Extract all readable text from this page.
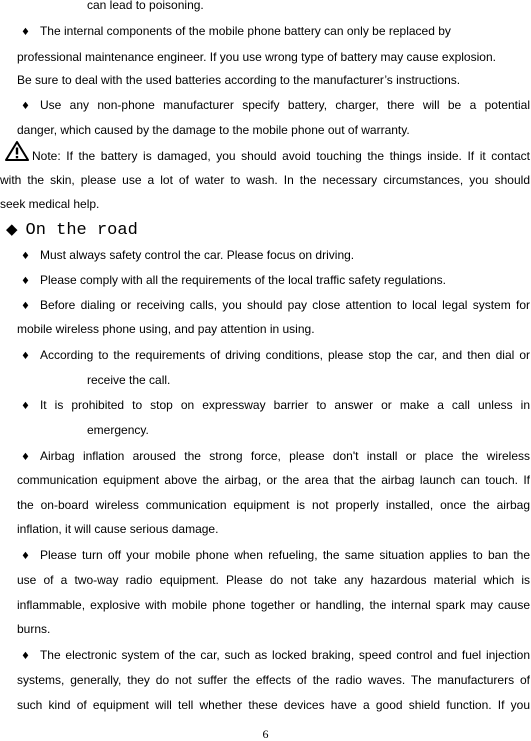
can lead to poisoning.
♦ The internal components of the mobile phone battery can only be replaced by
professional maintenance engineer. If you use wrong type of battery may cause explosion.
Be sure to deal with the used batteries according to the manufacturer’s instructions.
♦ Use any non-phone manufacturer specify battery, charger, there will be a potential
danger, which caused by the damage to the mobile phone out of warranty.
Note: If the battery is damaged, you should avoid touching the things inside. If it contact
with the skin, please use a lot of water to wash. In the necessary circumstances, you should
seek medical help.
◆ On the road
♦ Must always safety control the car. Please focus on driving.
♦ Please comply with all the requirements of the local traffic safety regulations.
♦ Before dialing or receiving calls, you should pay close attention to local legal system for
mobile wireless phone using, and pay attention in using.
♦ According to the requirements of driving conditions, please stop the car, and then dial or
receive the call.
♦ It is prohibited to stop on expressway barrier to answer or make a call unless in
emergency.
♦ Airbag inflation aroused the strong force, please don't install or place the wireless
communication equipment above the airbag, or the area that the airbag launch can touch. If
the on-board wireless communication equipment is not properly installed, once the airbag
inflation, it will cause serious damage.
♦ Please turn off your mobile phone when refueling, the same situation applies to ban the
use of a two-way radio equipment. Please do not take any hazardous material which is
inflammable, explosive with mobile phone together or handling, the internal spark may cause
burns.
♦ The electronic system of the car, such as locked braking, speed control and fuel injection
systems, generally, they do not suffer the effects of the radio waves. The manufacturers of
such kind of equipment will tell whether these devices have a good shield function. If you
6
